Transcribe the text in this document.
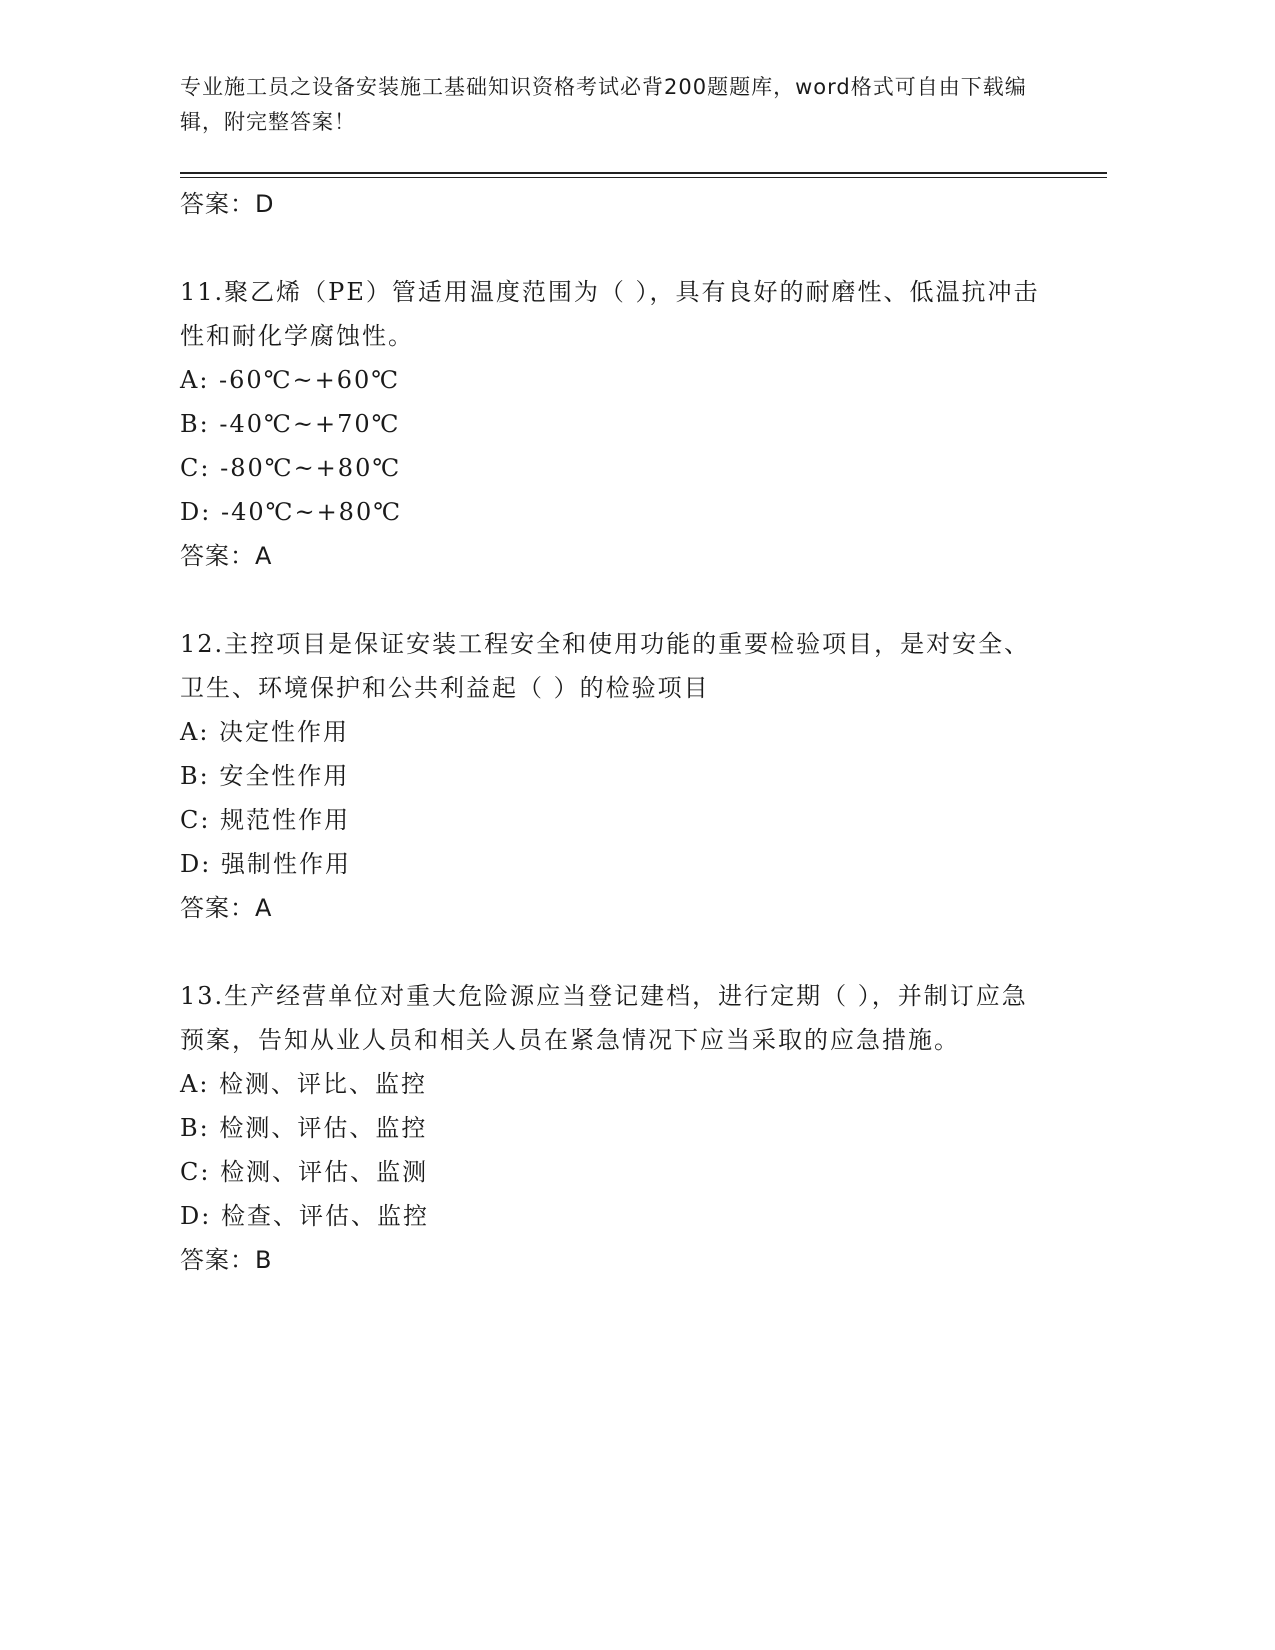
专业施工员之设备安装施工基础知识资格考试必背200题题库，word格式可自由下载编辑，附完整答案！
答案：D
11.聚乙烯（PE）管适用温度范围为（ ），具有良好的耐磨性、低温抗冲击性和耐化学腐蚀性。
A: -60℃~+60℃
B: -40℃~+70℃
C: -80℃~+80℃
D: -40℃~+80℃
答案：A
12.主控项目是保证安装工程安全和使用功能的重要检验项目，是对安全、卫生、环境保护和公共利益起（ ）的检验项目
A: 决定性作用
B: 安全性作用
C: 规范性作用
D: 强制性作用
答案：A
13.生产经营单位对重大危险源应当登记建档，进行定期（ ），并制订应急预案，告知从业人员和相关人员在紧急情况下应当采取的应急措施。
A: 检测、评比、监控
B: 检测、评估、监控
C: 检测、评估、监测
D: 检查、评估、监控
答案：B
